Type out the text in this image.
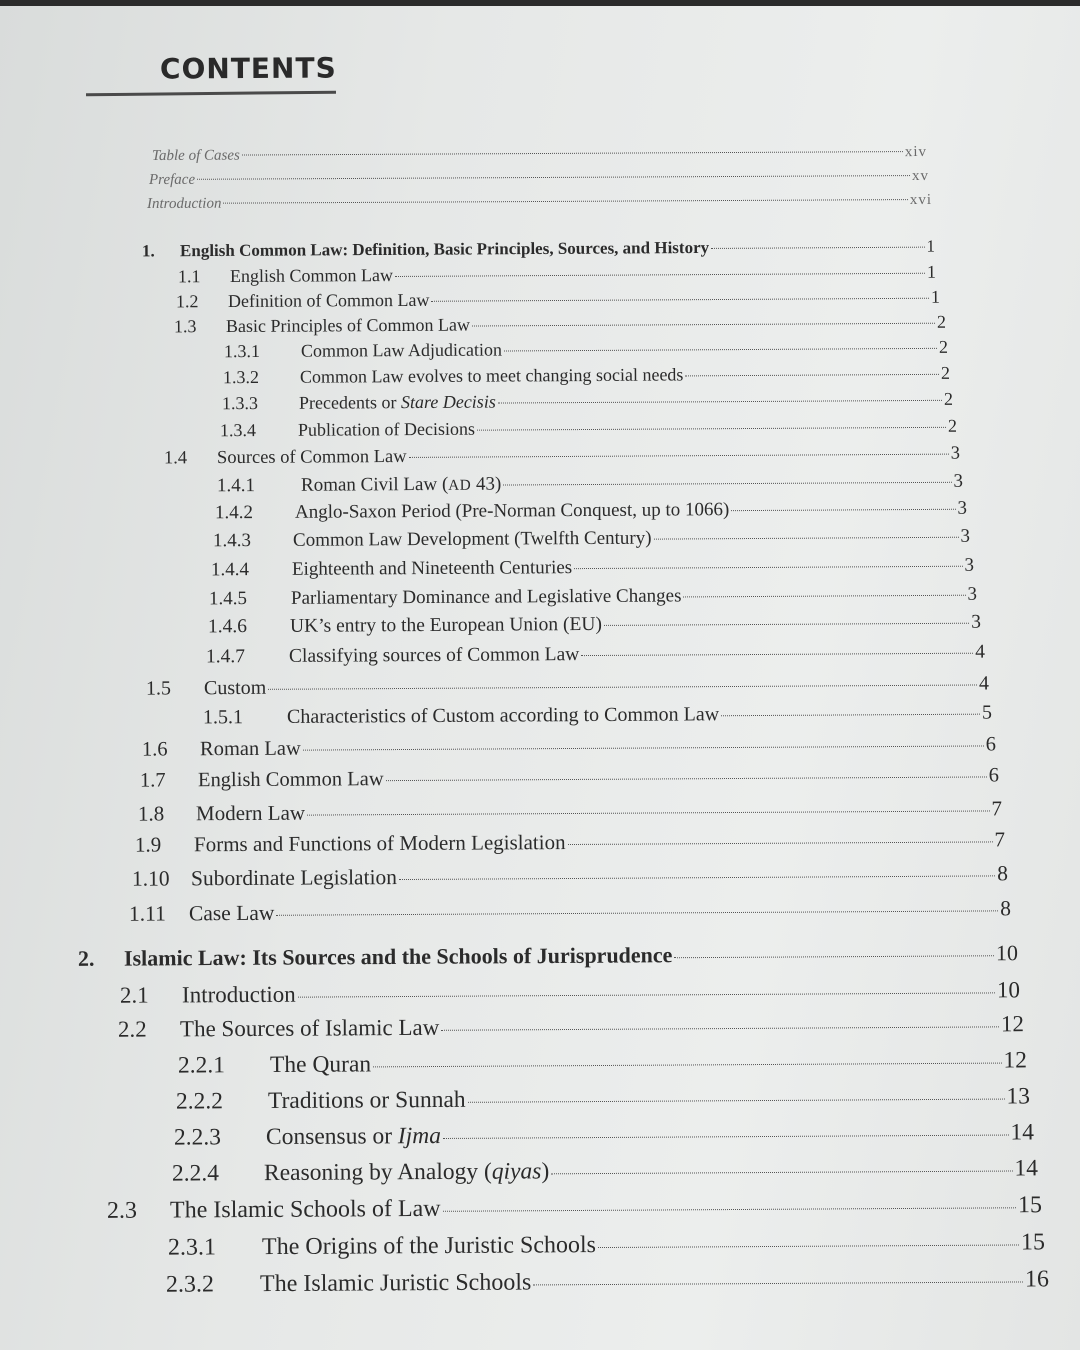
CONTENTS
Table of Cases	xiv
Preface	xv
Introduction	xvi
1.	English Common Law: Definition, Basic Principles, Sources, and History	1
1.1	English Common Law	1
1.2	Definition of Common Law	1
1.3	Basic Principles of Common Law	2
1.3.1	Common Law Adjudication	2
1.3.2	Common Law evolves to meet changing social needs	2
1.3.3	Precedents or Stare Decisis	2
1.3.4	Publication of Decisions	2
1.4	Sources of Common Law	3
1.4.1	Roman Civil Law (AD 43)	3
1.4.2	Anglo-Saxon Period (Pre-Norman Conquest, up to 1066)	3
1.4.3	Common Law Development (Twelfth Century)	3
1.4.4	Eighteenth and Nineteenth Centuries	3
1.4.5	Parliamentary Dominance and Legislative Changes	3
1.4.6	UK’s entry to the European Union (EU)	3
1.4.7	Classifying sources of Common Law	4
1.5	Custom	4
1.5.1	Characteristics of Custom according to Common Law	5
1.6	Roman Law	6
1.7	English Common Law	6
1.8	Modern Law	7
1.9	Forms and Functions of Modern Legislation	7
1.10 Subordinate Legislation	8
1.11	Case Law	8
2.	Islamic Law: Its Sources and the Schools of Jurisprudence	10
2.1	Introduction	10
2.2	The Sources of Islamic Law	12
2.2.1	The Quran	12
2.2.2	Traditions or Sunnah	13
2.2.3	Consensus or Ijma	14
2.2.4	Reasoning by Analogy (qiyas)	14
2.3	The Islamic Schools of Law	15
2.3.1	The Origins of the Juristic Schools	15
2.3.2	The Islamic Juristic Schools	16
